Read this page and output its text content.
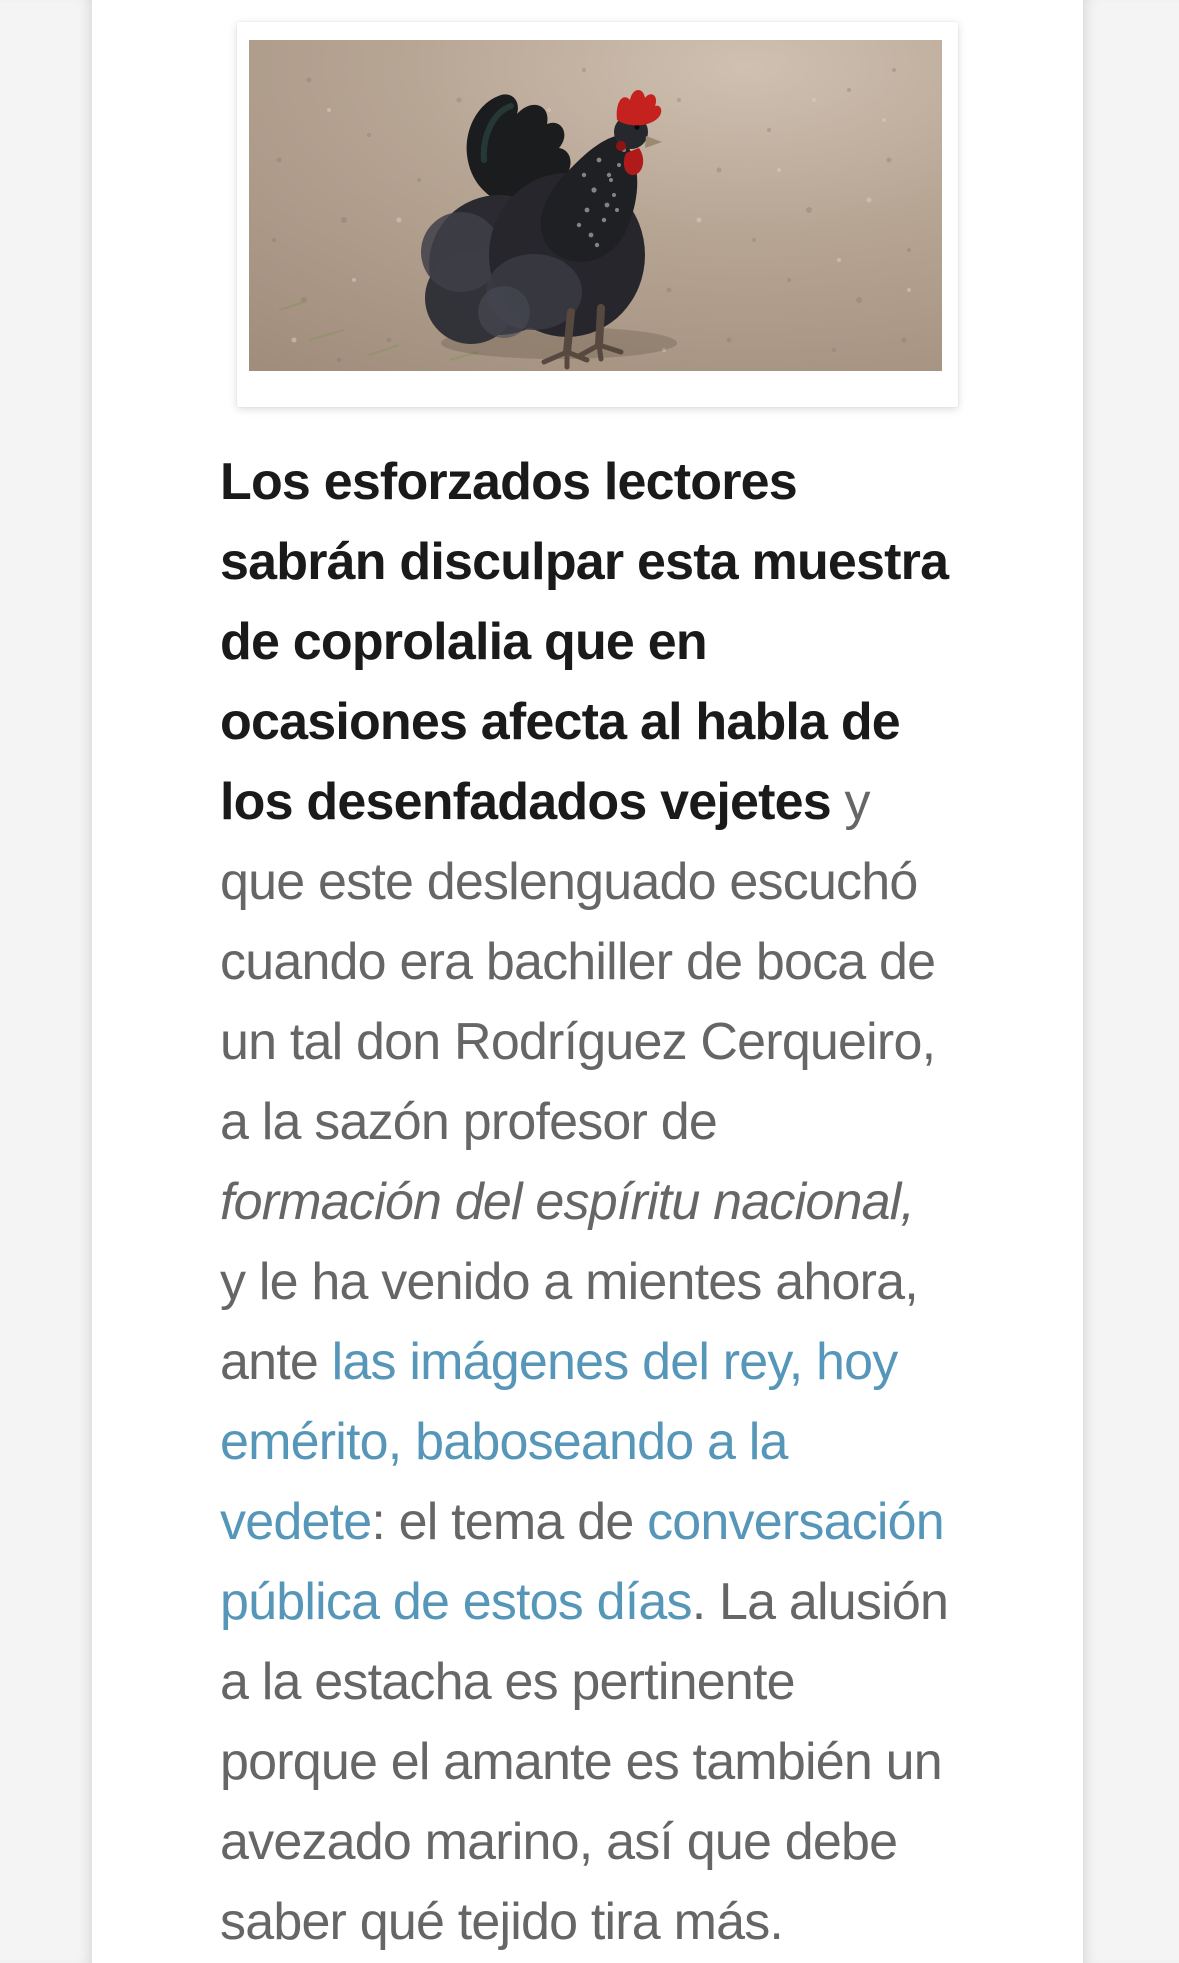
Los esforzados lectores
sabrán disculpar esta muestra
de coprolalia que en
ocasiones afecta al habla de
los desenfadados vejetes y
que este deslenguado escuchó
cuando era bachiller de boca de
un tal don Rodríguez Cerqueiro,
a la sazón profesor de
formación del espíritu nacional,
y le ha venido a mientes ahora,
ante las imágenes del rey, hoy
emérito, baboseando a la
vedete: el tema de conversación
pública de estos días. La alusión
a la estacha es pertinente
porque el amante es también un
avezado marino, así que debe
saber qué tejido tira más.
